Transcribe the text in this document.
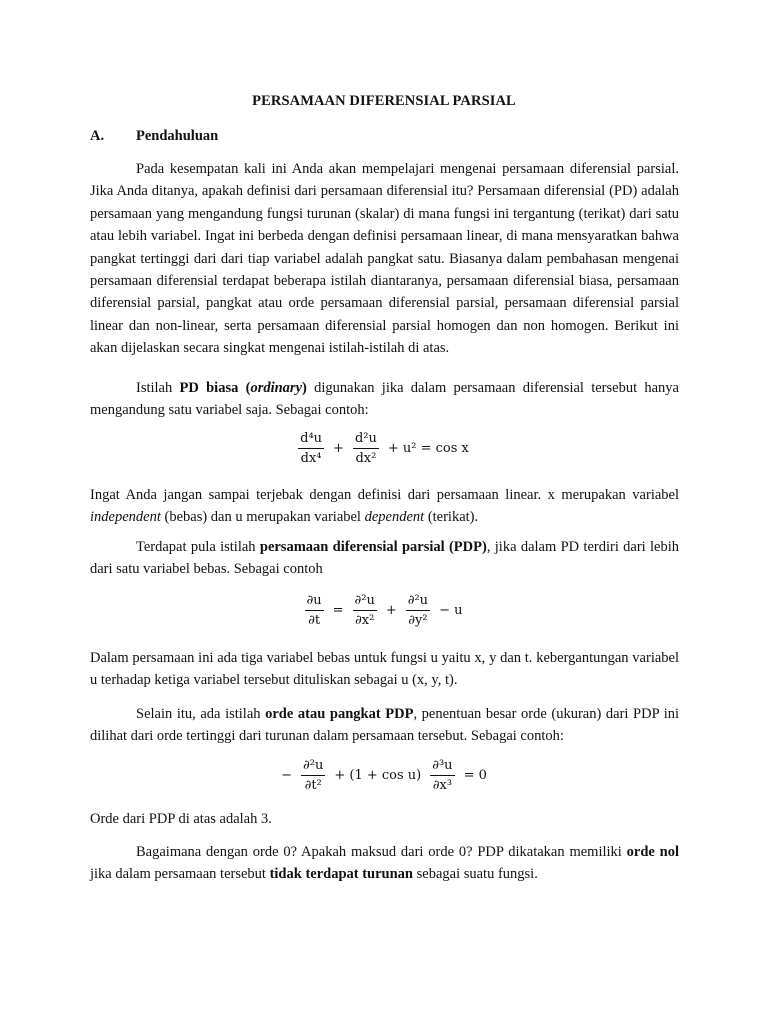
PERSAMAAN DIFERENSIAL PARSIAL
A. Pendahuluan

Pada kesempatan kali ini Anda akan mempelajari mengenai persamaan diferensial parsial. Jika Anda ditanya, apakah definisi dari persamaan diferensial itu? Persamaan diferensial (PD) adalah persamaan yang mengandung fungsi turunan (skalar) di mana fungsi ini tergantung (terikat) dari satu atau lebih variabel. Ingat ini berbeda dengan definisi persamaan linear, di mana mensyaratkan bahwa pangkat tertinggi dari dari tiap variabel adalah pangkat satu. Biasanya dalam pembahasan mengenai persamaan diferensial terdapat beberapa istilah diantaranya, persamaan diferensial biasa, persamaan diferensial parsial, pangkat atau orde persamaan diferensial parsial, persamaan diferensial parsial linear dan non-linear, serta persamaan diferensial parsial homogen dan non homogen. Berikut ini akan dijelaskan secara singkat mengenai istilah-istilah di atas.

Istilah PD biasa (ordinary) digunakan jika dalam persamaan diferensial tersebut hanya mengandung satu variabel saja. Sebagai contoh:

$\frac{\text{d⁴u}}{\text{dx⁴}} + \frac{\text{d²u}}{\text{dx²}} + u^2 = \cos x$

Ingat Anda jangan sampai terjebak dengan definisi dari persamaan linear. x merupakan variabel independent (bebas) dan u merupakan variabel dependent (terikat).

Terdapat pula istilah persamaan diferensial parsial (PDP), jika dalam PD terdiri dari lebih dari satu variabel bebas. Sebagai contoh

$\frac{\partial u}{\partial t} = \frac{\text{∂²u}}{\text{∂x²}} + \frac{\text{∂²u}}{\text{∂y²}} - u$

Dalam persamaan ini ada tiga variabel bebas untuk fungsi u yaitu x, y dan t. kebergantungan variabel u terhadap ketiga variabel tersebut dituliskan sebagai u (x, y, t).

Selain itu, ada istilah orde atau pangkat PDP, penentuan besar orde (ukuran) dari PDP ini dilihat dari orde tertinggi dari turunan dalam persamaan tersebut. Sebagai contoh:

− $\frac{\text{∂²u}}{\text{∂t²}} + (1 + \cos u) \frac{\text{∂³u}}{\text{∂x³}} = 0$

Orde dari PDP di atas adalah 3.

Bagaimana dengan orde 0? Apakah maksud dari orde 0? PDP dikatakan memiliki orde nol jika dalam persamaan tersebut tidak terdapat turunan sebagai suatu fungsi.
